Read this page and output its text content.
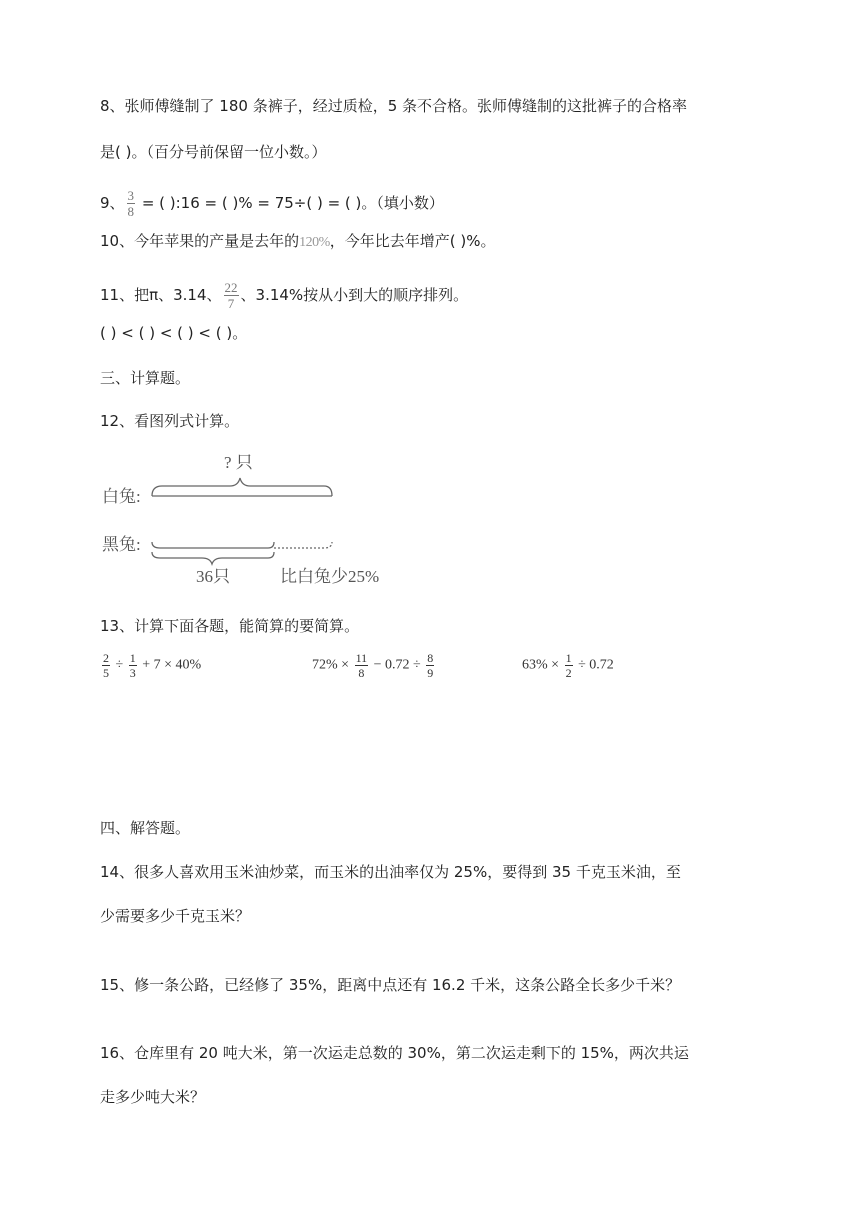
8、张师傅缝制了 180 条裤子，经过质检，5 条不合格。张师傅缝制的这批裤子的合格率
是( )。（百分号前保留一位小数。）
9、 $\frac{3}{8}$ = ( ):16 = ( )% = 75÷( ) = ( )。（填小数）
10、今年苹果的产量是去年的120%，今年比去年增产( )%。
11、把π、3.14、 $\frac{22}{7}$ 、3.14%按从小到大的顺序排列。
( ) < ( ) < ( ) < ( )。
三、计算题。
12、看图列式计算。
? 只
白兔:
黑兔:
36只	比白兔少25%
13、计算下面各题，能简算的要简算。
$\frac{2}{5} \div \frac{1}{3} + 7 \times 40\%$	$72\% \times \frac{11}{8} - 0.72 \div \frac{8}{9}$	$63\% \times \frac{1}{2} \div 0.72$
四、解答题。
14、很多人喜欢用玉米油炒菜，而玉米的出油率仅为 25%，要得到 35 千克玉米油，至
少需要多少千克玉米？
15、修一条公路，已经修了 35%，距离中点还有 16.2 千米，这条公路全长多少千米？
16、仓库里有 20 吨大米，第一次运走总数的 30%，第二次运走剩下的 15%，两次共运
走多少吨大米？
